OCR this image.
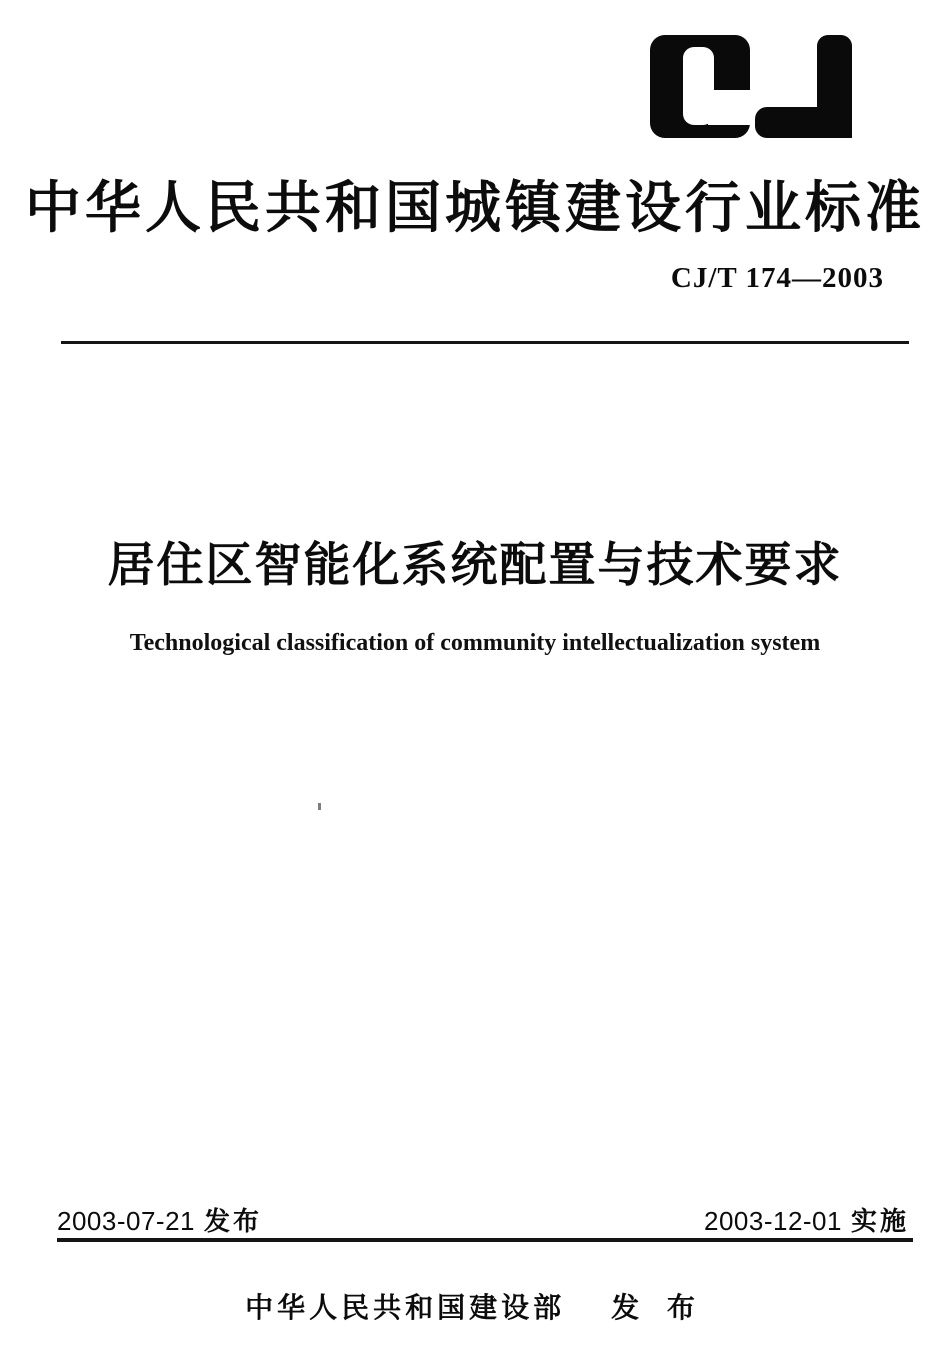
中华人民共和国城镇建设行业标准
CJ/T 174—2003
居住区智能化系统配置与技术要求
Technological classification of community intellectualization system
2003-07-21 发布	2003-12-01 实施
中华人民共和国建设部 发 布
